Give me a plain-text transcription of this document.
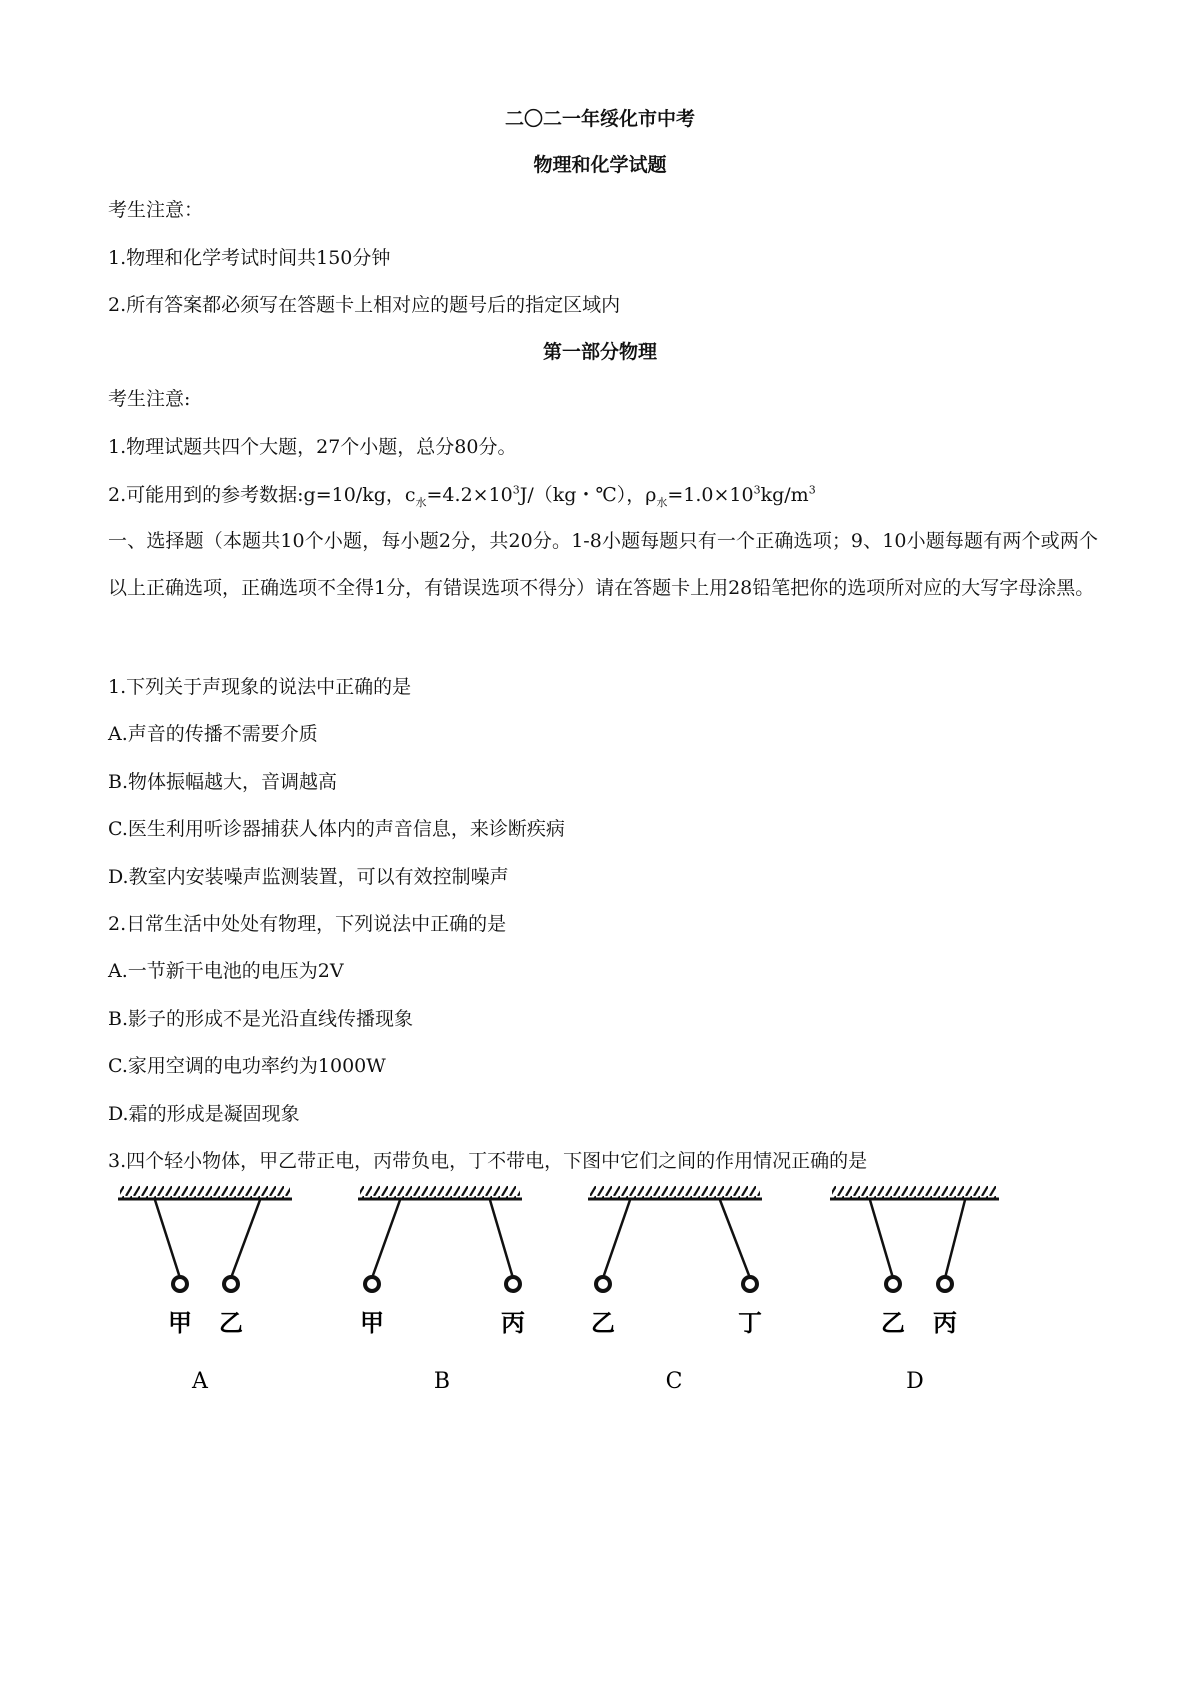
二〇二一年绥化市中考
物理和化学试题
考生注意：
1.物理和化学考试时间共150分钟
2.所有答案都必须写在答题卡上相对应的题号后的指定区域内
第一部分物理
考生注意:
1.物理试题共四个大题，27个小题，总分80分。
2.可能用到的参考数据:g=10/kg，$c_水=4.2\times 10^3J/(kg$・℃），$\rho_水=1.0\times 10^3kg/m^3$
一、选择题（本题共10个小题，每小题2分，共20分。1-8小题每题只有一个正确选项；9、10小题每题有两个或两个以上正确选项，正确选项不全得1分，有错误选项不得分）请在答题卡上用28铅笔把你的选项所对应的大写字母涂黑。
1.下列关于声现象的说法中正确的是
A.声音的传播不需要介质
B.物体振幅越大，音调越高
C.医生利用听诊器捕获人体内的声音信息，来诊断疾病
D.教室内安装噪声监测装置，可以有效控制噪声
2.日常生活中处处有物理，下列说法中正确的是
A.一节新干电池的电压为2V
B.影子的形成不是光沿直线传播现象
C.家用空调的电功率约为1000W
D.霜的形成是凝固现象
3.四个轻小物体，甲乙带正电，丙带负电，丁不带电，下图中它们之间的作用情况正确的是
甲 乙
A
甲	丙
B
乙	丁
C
乙 丙
D
